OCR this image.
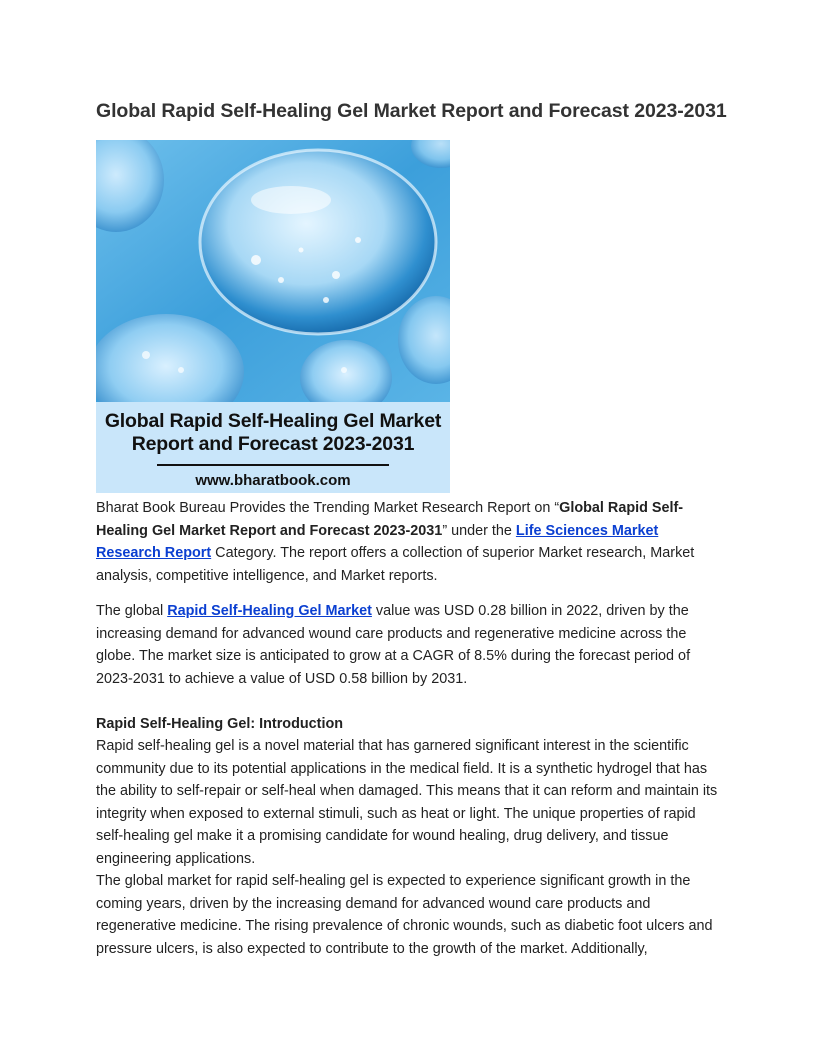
Global Rapid Self-Healing Gel Market Report and Forecast 2023-2031
Global Rapid Self-Healing Gel Market
Report and Forecast 2023-2031
www.bharatbook.com
Bharat Book Bureau Provides the Trending Market Research Report on “Global Rapid Self-Healing Gel Market Report and Forecast 2023-2031” under the Life Sciences Market Research Report Category. The report offers a collection of superior Market research, Market analysis, competitive intelligence, and Market reports.
The global Rapid Self-Healing Gel Market value was USD 0.28 billion in 2022, driven by the increasing demand for advanced wound care products and regenerative medicine across the globe. The market size is anticipated to grow at a CAGR of 8.5% during the forecast period of 2023-2031 to achieve a value of USD 0.58 billion by 2031.
Rapid Self-Healing Gel: Introduction
Rapid self-healing gel is a novel material that has garnered significant interest in the scientific community due to its potential applications in the medical field. It is a synthetic hydrogel that has the ability to self-repair or self-heal when damaged. This means that it can reform and maintain its integrity when exposed to external stimuli, such as heat or light. The unique properties of rapid self-healing gel make it a promising candidate for wound healing, drug delivery, and tissue engineering applications.
The global market for rapid self-healing gel is expected to experience significant growth in the coming years, driven by the increasing demand for advanced wound care products and regenerative medicine. The rising prevalence of chronic wounds, such as diabetic foot ulcers and pressure ulcers, is also expected to contribute to the growth of the market. Additionally,
